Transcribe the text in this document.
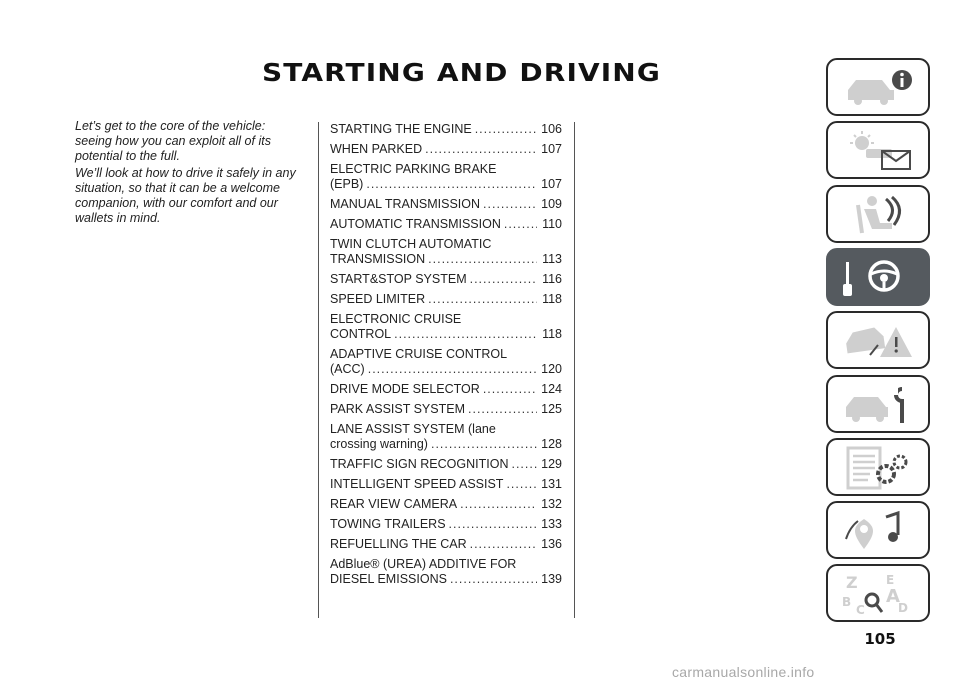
STARTING AND DRIVING

Let’s get to the core of the vehicle: seeing how you can exploit all of its potential to the full.

We’ll look at how to drive it safely in any situation, so that it can be a welcome companion, with our comfort and our wallets in mind.

STARTING THE ENGINE .....	106
WHEN PARKED .....	107
ELECTRIC PARKING BRAKE
(EPB) .....	107
MANUAL TRANSMISSION .....	109
AUTOMATIC TRANSMISSION .....	110
TWIN CLUTCH AUTOMATIC
TRANSMISSION .....	113
START&STOP SYSTEM .....	116
SPEED LIMITER .....	118
ELECTRONIC CRUISE
CONTROL .....	118
ADAPTIVE CRUISE CONTROL
(ACC) .....	120
DRIVE MODE SELECTOR .....	124
PARK ASSIST SYSTEM .....	125
LANE ASSIST SYSTEM (lane
crossing warning) .....	128
TRAFFIC SIGN RECOGNITION .....	129
INTELLIGENT SPEED ASSIST .....	131
REAR VIEW CAMERA .....	132
TOWING TRAILERS .....	133
REFUELLING THE CAR .....	136
AdBlue® (UREA) ADDITIVE FOR
DIESEL EMISSIONS .....	139	Z E
A
B
C	D
105
carmanualsonline.info
